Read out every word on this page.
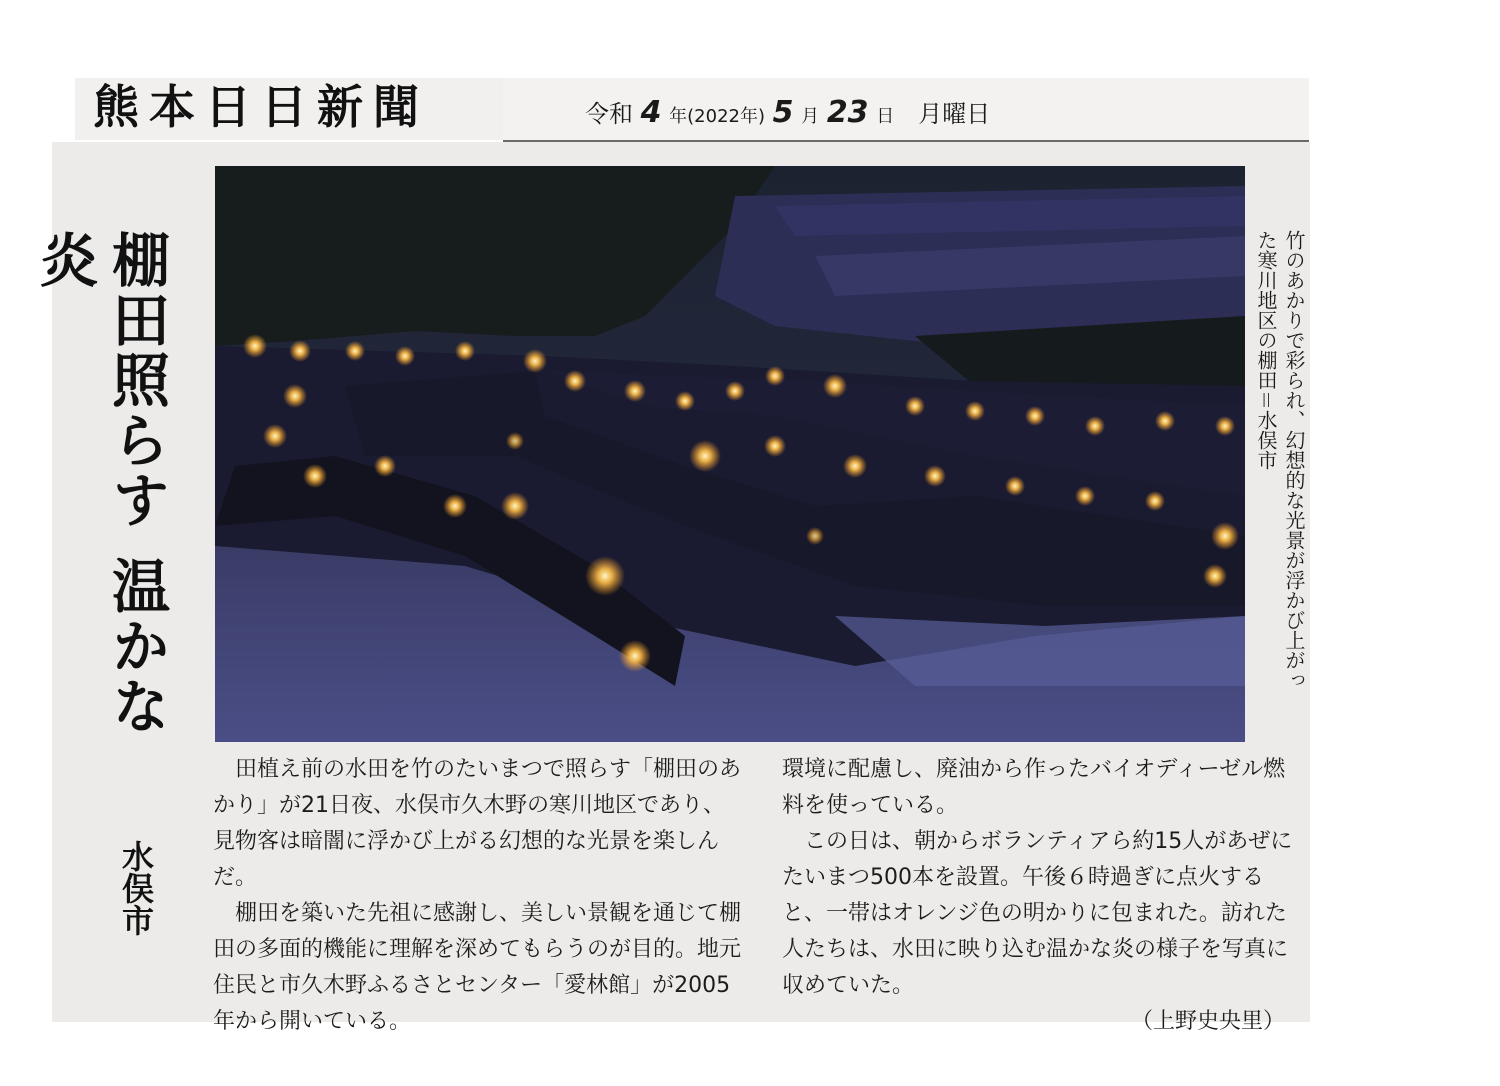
熊本日日新聞	令和 4 年(2022年) 5 月 23 日　 月曜日
棚田照らす温かな炎
水俣市
竹のあかりで彩られ、幻想的な光景が浮かび上がった寒川地区の棚田＝水俣市

田植え前の水田を竹のたいまつで照らす「棚田のあかり」が21日夜、水俣市久木野の寒川地区であり、見物客は暗闇に浮かび上がる幻想的な光景を楽しんだ。

棚田を築いた先祖に感謝し、美しい景観を通じて棚田の多面的機能に理解を深めてもらうのが目的。地元住民と市久木野ふるさとセンター「愛林館」が2005年から開いている。

環境に配慮し、廃油から作ったバイオディーゼル燃料を使っている。

この日は、朝からボランティアら約15人があぜにたいまつ500本を設置。午後６時過ぎに点火すると、一帯はオレンジ色の明かりに包まれた。訪れた人たちは、水田に映り込む温かな炎の様子を写真に収めていた。

（上野史央里）
